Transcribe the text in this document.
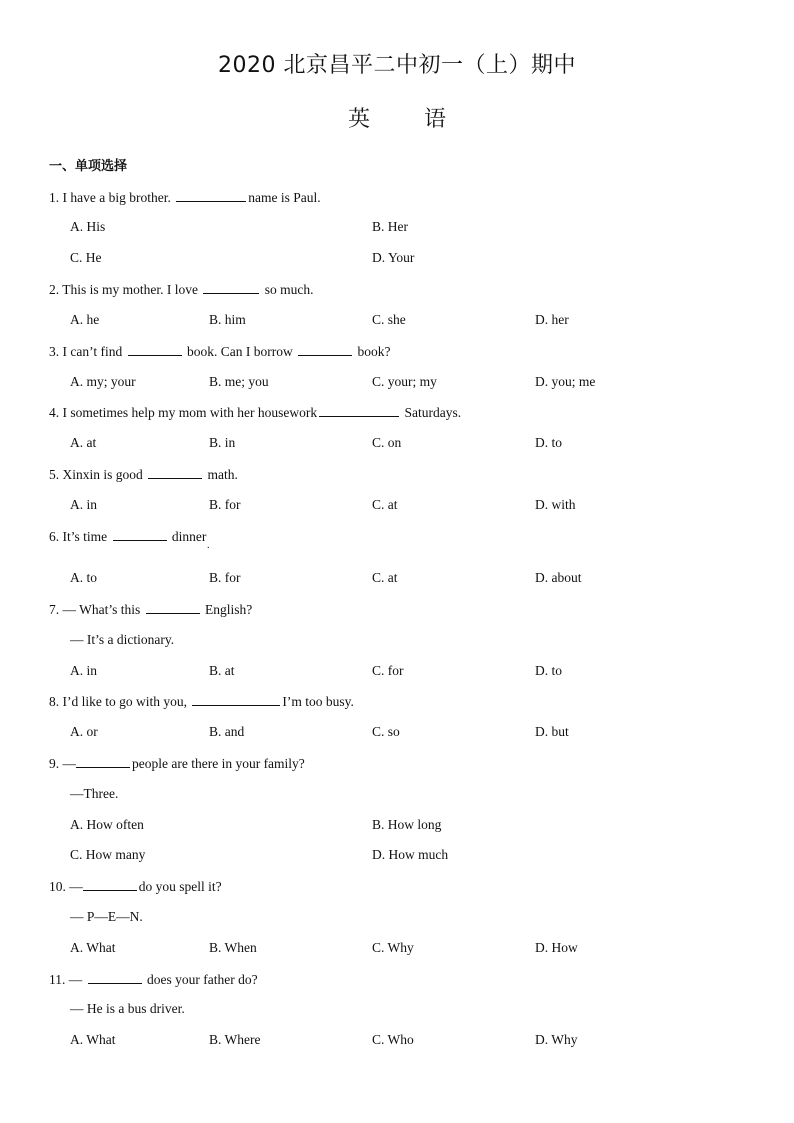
2020 北京昌平二中初一（上）期中
英 语
一、单项选择
1. I have a big brother.	name is Paul.
A. His	B. Her
C. He	D. Your
2. This is my mother. I love	so much.
A. he	B. him	C. she	D. her
3. I can’t find	book. Can I borrow	book?
A. my; your	B. me; you	C. your; my	D. you; me
4. I sometimes help my mom with her housework	Saturdays.
A. at	B. in	C. on	D. to
5. Xinxin is good	math.
A. in	B. for	C. at	D. with
6. It’s time	dinner
.
A. to	B. for	C. at	D. about
7. — What’s this	English?
— It’s a dictionary.
A. in	B. at	C. for	D. to
8. I’d like to go with you,	I’m too busy.
A. or	B. and	C. so	D. but
9. —	people are there in your family?
—Three.
A. How often	B. How long
C. How many	D. How much
10. —	do you spell it?
— P—E—N.
A. What	B. When	C. Why	D. How
11. —	does your father do?
— He is a bus driver.
A. What	B. Where	C. Who	D. Why
